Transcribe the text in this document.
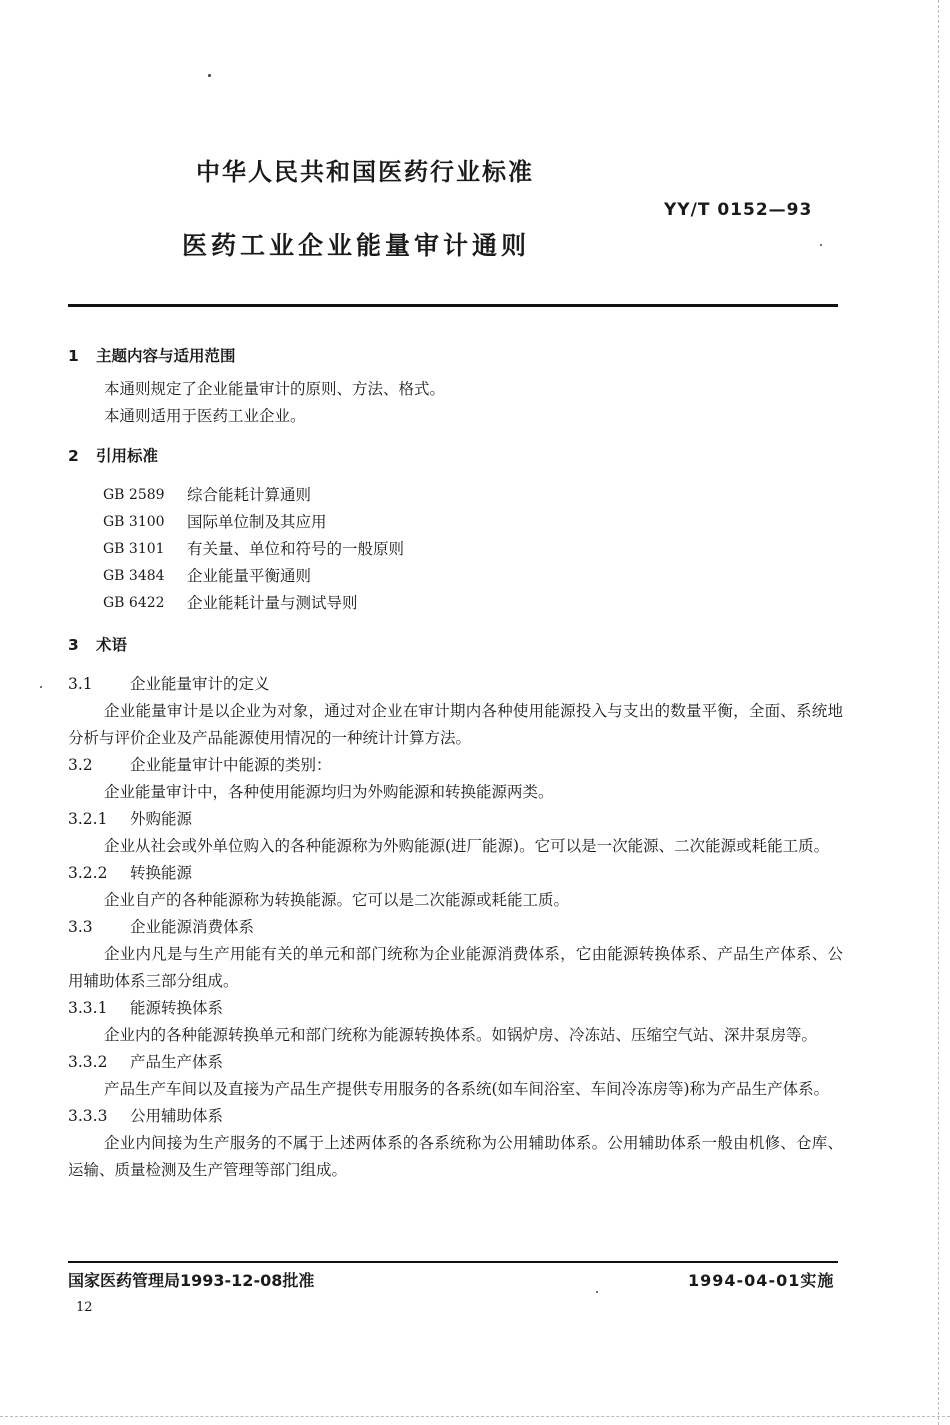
中华人民共和国医药行业标准
YY/T 0152—93
医药工业企业能量审计通则
1	主题内容与适用范围

本通则规定了企业能量审计的原则、方法、格式。

本通则适用于医药工业企业。

2	引用标准
GB 2589	综合能耗计算通则
GB 3100	国际单位制及其应用
GB 3101	有关量、单位和符号的一般原则
GB 3484	企业能量平衡通则
GB 6422	企业能耗计量与测试导则
3	术语
3.1	企业能量审计的定义

企业能量审计是以企业为对象，通过对企业在审计期内各种使用能源投入与支出的数量平衡，全面、系统地分析与评价企业及产品能源使用情况的一种统计计算方法。

3.2	企业能量审计中能源的类别：

企业能量审计中，各种使用能源均归为外购能源和转换能源两类。

3.2.1	外购能源

企业从社会或外单位购入的各种能源称为外购能源(进厂能源)。它可以是一次能源、二次能源或耗能工质。

3.2.2	转换能源

企业自产的各种能源称为转换能源。它可以是二次能源或耗能工质。

3.3	企业能源消费体系

企业内凡是与生产用能有关的单元和部门统称为企业能源消费体系，它由能源转换体系、产品生产体系、公用辅助体系三部分组成。

3.3.1	能源转换体系

企业内的各种能源转换单元和部门统称为能源转换体系。如锅炉房、冷冻站、压缩空气站、深井泵房等。

3.3.2	产品生产体系

产品生产车间以及直接为产品生产提供专用服务的各系统(如车间浴室、车间冷冻房等)称为产品生产体系。

3.3.3	公用辅助体系

企业内间接为生产服务的不属于上述两体系的各系统称为公用辅助体系。公用辅助体系一般由机修、仓库、运输、质量检测及生产管理等部门组成。

国家医药管理局1993-12-08批准	1994-04-01实施
12
